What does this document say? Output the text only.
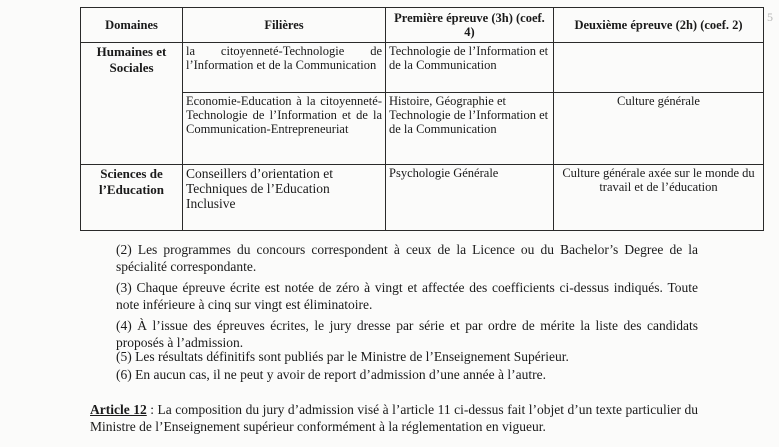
5
Domaines	Filières	Première épreuve (3h) (coef. 4)	Deuxième épreuve (2h) (coef. 2)
Humaines et Sociales	la citoyenneté-Technologie de l’Information et de la Communication	Technologie de l’Information et de la Communication	
	Economie-Education à la citoyenneté-Technologie de l’Information et de la Communication-Entrepreneuriat	Histoire, Géographie et Technologie de l’Information et de la Communication	Culture générale
Sciences de l’Education	Conseillers d’orientation et Techniques de l’Education Inclusive	Psychologie Générale	Culture générale axée sur le monde du travail et de l’éducation
(2) Les programmes du concours correspondent à ceux de la Licence ou du Bachelor’s Degree de la spécialité correspondante.
(3) Chaque épreuve écrite est notée de zéro à vingt et affectée des coefficients ci-dessus indiqués. Toute note inférieure à cinq sur vingt est éliminatoire.
(4) À l’issue des épreuves écrites, le jury dresse par série et par ordre de mérite la liste des candidats proposés à l’admission.
(5) Les résultats définitifs sont publiés par le Ministre de l’Enseignement Supérieur.
(6) En aucun cas, il ne peut y avoir de report d’admission d’une année à l’autre.
Article 12 : La composition du jury d’admission visé à l’article 11 ci-dessus fait l’objet d’un texte particulier du Ministre de l’Enseignement supérieur conformément à la réglementation en vigueur.
